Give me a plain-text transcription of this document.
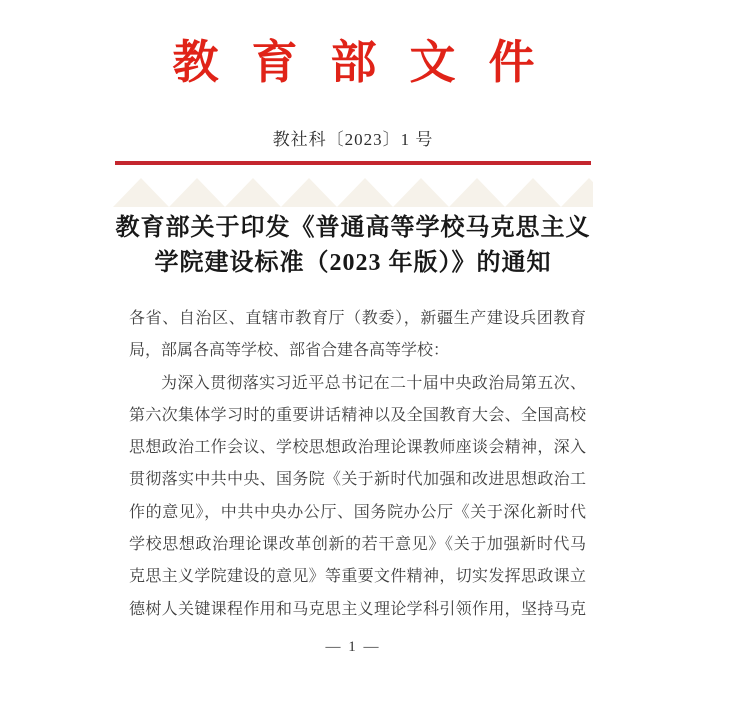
教育部文件
教社科〔2023〕1 号
教育部关于印发《普通高等学校马克思主义
学院建设标准（2023 年版）》的通知
各省、自治区、直辖市教育厅（教委），新疆生产建设兵团教育
局，部属各高等学校、部省合建各高等学校：
为深入贯彻落实习近平总书记在二十届中央政治局第五次、
第六次集体学习时的重要讲话精神以及全国教育大会、全国高校
思想政治工作会议、学校思想政治理论课教师座谈会精神，深入
贯彻落实中共中央、国务院《关于新时代加强和改进思想政治工
作的意见》，中共中央办公厅、国务院办公厅《关于深化新时代
学校思想政治理论课改革创新的若干意见》《关于加强新时代马
克思主义学院建设的意见》等重要文件精神，切实发挥思政课立
德树人关键课程作用和马克思主义理论学科引领作用，坚持马克
— 1 —
